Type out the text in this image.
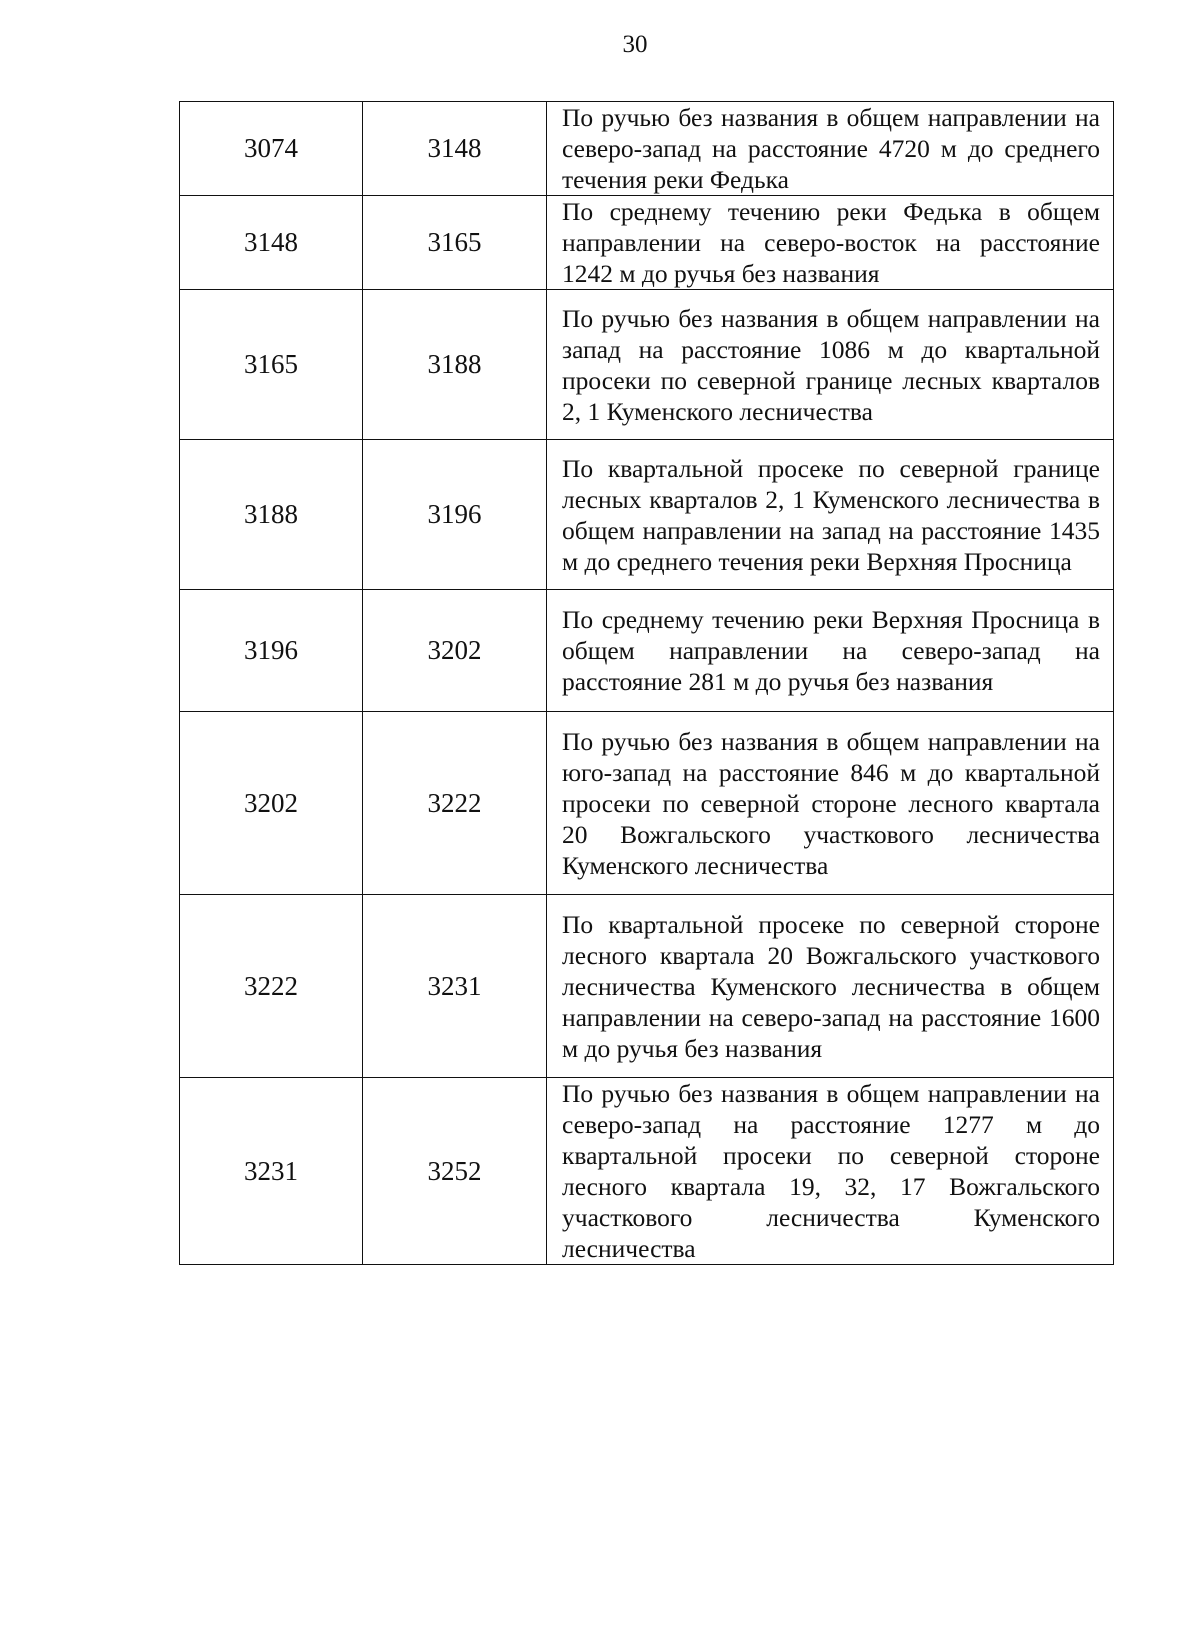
30
3074	3148	По ручью без названия в общем направлении на северо-запад на расстояние 4720 м до среднего течения реки Федька

3148	3165	По среднему течению реки Федька в общем направлении на северо-восток на расстояние 1242 м до ручья без названия

3165	3188	По ручью без названия в общем направлении на запад на расстояние 1086 м до квартальной просеки по северной границе лесных кварталов 2, 1 Куменского лесничества

3188	3196	По квартальной просеке по северной границе лесных кварталов 2, 1 Куменского лесничества в общем направлении на запад на расстояние 1435 м до среднего течения реки Верхняя Просница

3196	3202	По среднему течению реки Верхняя Просница в общем направлении на северо-запад на расстояние 281 м до ручья без названия

3202	3222	По ручью без названия в общем направлении на юго-запад на расстояние 846 м до квартальной просеки по северной стороне лесного квартала 20 Вожгальского участкового лесничества Куменского лесничества

3222	3231	По квартальной просеке по северной стороне лесного квартала 20 Вожгальского участкового лесничества Куменского лесничества в общем направлении на северо-запад на расстояние 1600 м до ручья без названия

3231	3252	По ручью без названия в общем направлении на северо-запад на расстояние 1277 м до квартальной просеки по северной стороне лесного квартала 19, 32, 17 Вожгальского участкового лесничества Куменского лесничества
